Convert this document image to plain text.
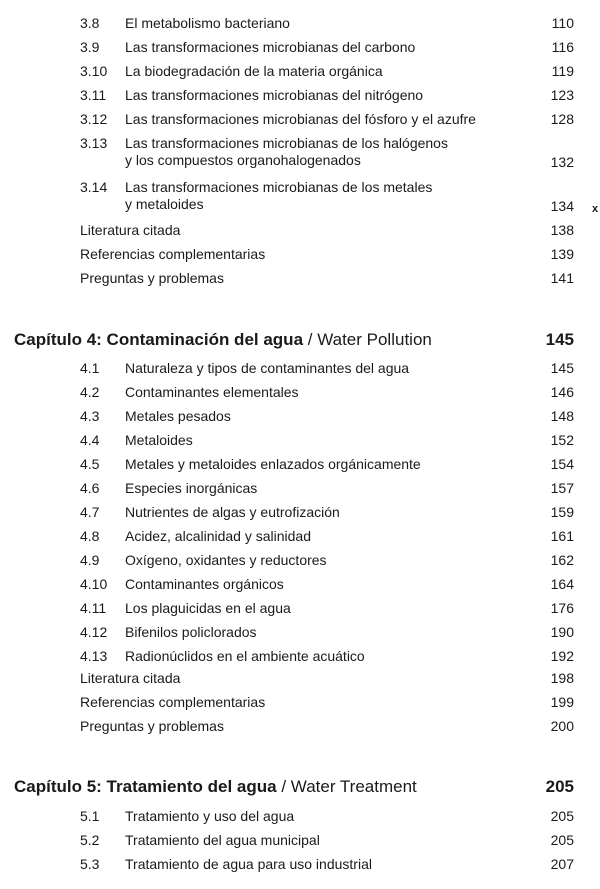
3.8	El metabolismo bacteriano	110
3.9	Las transformaciones microbianas del carbono	116
3.10	La biodegradación de la materia orgánica	119
3.11	Las transformaciones microbianas del nitrógeno	123
3.12	Las transformaciones microbianas del fósforo y el azufre	128
3.13	Las transformaciones microbianas de los halógenos
y los compuestos organohalogenados	132
3.14	Las transformaciones microbianas de los metales
y metaloides	134 x
Literatura citada	138
Referencias complementarias	139
Preguntas y problemas	141
Capítulo 4: Contaminación del agua / Water Pollution	145
4.1	Naturaleza y tipos de contaminantes del agua	145
4.2	Contaminantes elementales	146
4.3	Metales pesados	148
4.4	Metaloides	152
4.5	Metales y metaloides enlazados orgánicamente	154
4.6	Especies inorgánicas	157
4.7	Nutrientes de algas y eutrofización	159
4.8	Acidez, alcalinidad y salinidad	161
4.9	Oxígeno, oxidantes y reductores	162
4.10	Contaminantes orgánicos	164
4.11	Los plaguicidas en el agua	176
4.12	Bifenilos policlorados	190
4.13	Radionúclidos en el ambiente acuático	192
Literatura citada	198
Referencias complementarias	199
Preguntas y problemas	200
Capítulo 5: Tratamiento del agua / Water Treatment	205
5.1	Tratamiento y uso del agua	205
5.2	Tratamiento del agua municipal	205
5.3	Tratamiento de agua para uso industrial	207
